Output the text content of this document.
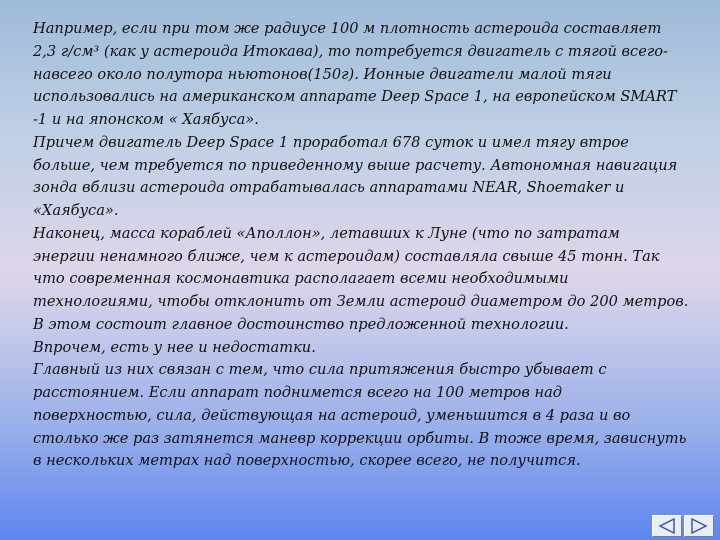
Например, если при том же радиусе 100 м плотность астероида составляет
2,3 г/см³ (как у астероида Итокава), то потребуется двигатель с тягой всего-
навсего около полутора ньютонов(150г). Ионные двигатели малой тяги
использовались на американском аппарате Deep Space 1, на европейском SMART
-1 и на японском « Хаябуса».
Причем двигатель Deep Space 1 проработал 678 суток и имел тягу втрое
больше, чем требуется по приведенному выше расчету. Автономная навигация
зонда вблизи астероида отрабатывалась аппаратами NEAR, Shoemaker и
«Хаябуса».
Наконец, масса кораблей «Аполлон», летавших к Луне (что по затратам
энергии ненамного ближе, чем к астероидам) составляла свыше 45 тонн. Так
что современная космонавтика располагает всеми необходимыми
технологиями, чтобы отклонить от Земли астероид диаметром до 200 метров.
В этом состоит главное достоинство предложенной технологии.
Впрочем, есть у нее и недостатки.
Главный из них связан с тем, что сила притяжения быстро убывает с
расстоянием. Если аппарат поднимется всего на 100 метров над
поверхностью, сила, действующая на астероид, уменьшится в 4 раза и во
столько же раз затянется маневр коррекции орбиты. В тоже время, зависнуть
в нескольких метрах над поверхностью, скорее всего, не получится.
